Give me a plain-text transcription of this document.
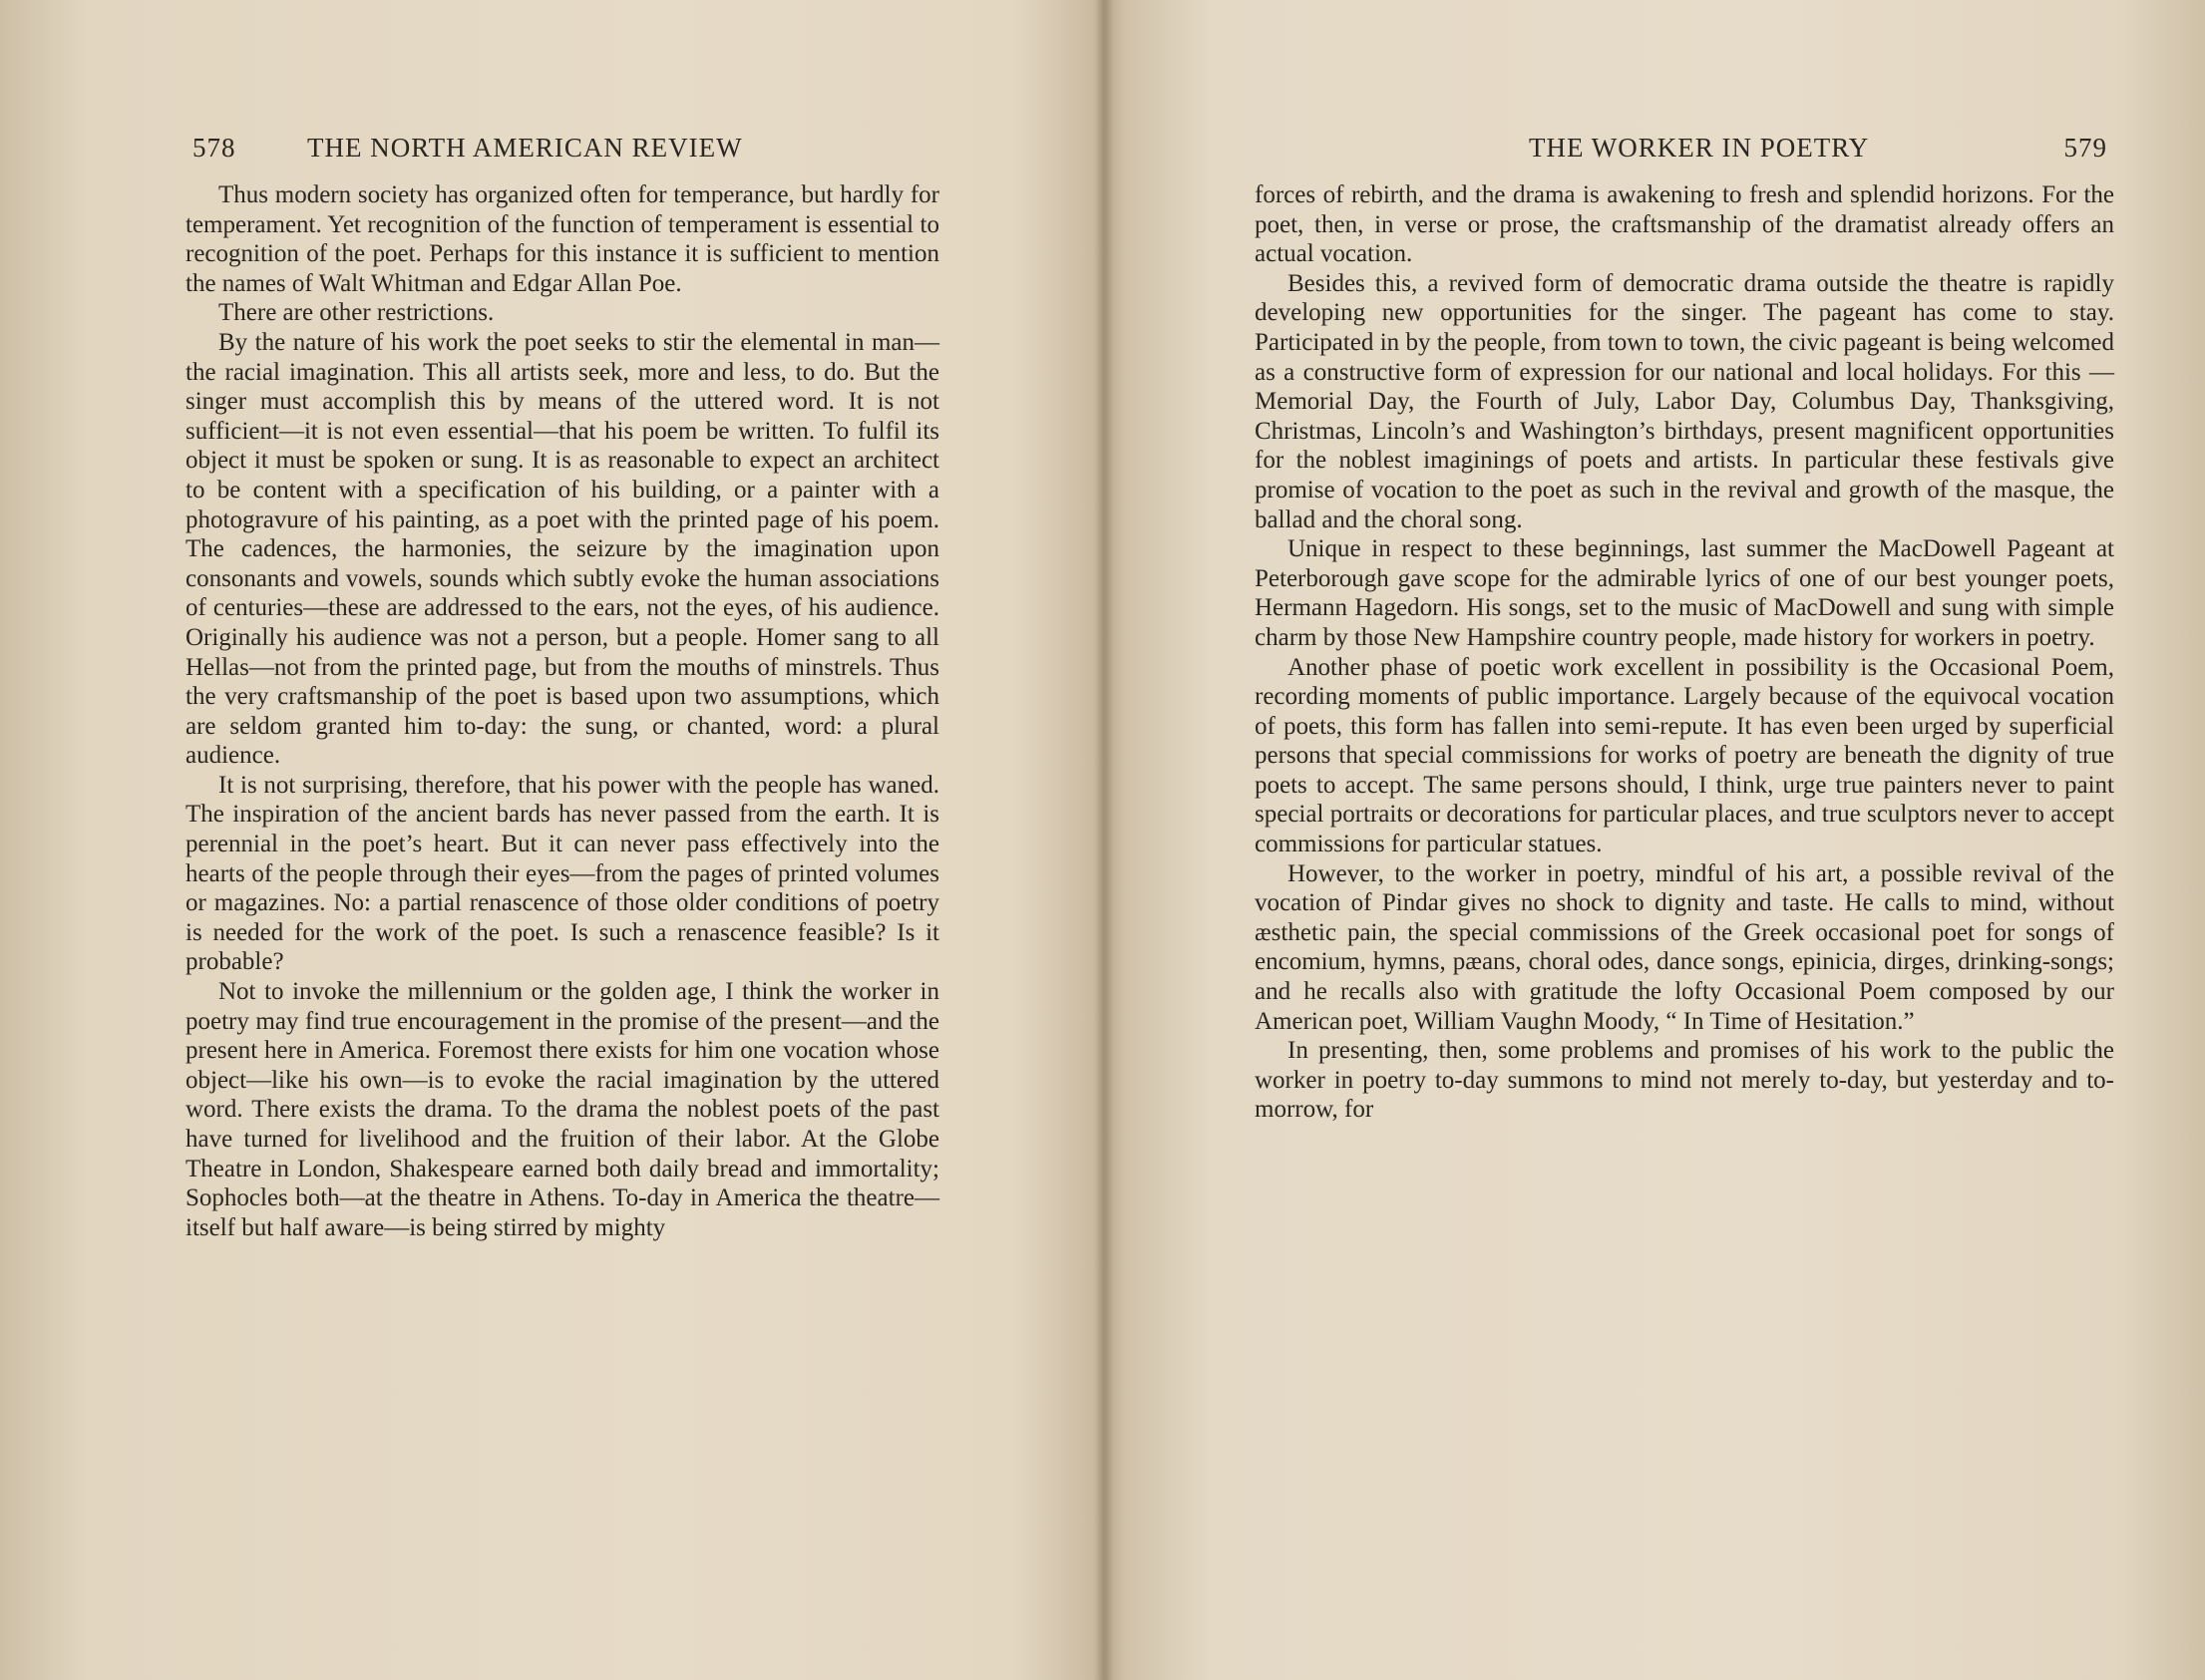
578	THE NORTH AMERICAN REVIEW

Thus modern society has organized often for temperance, but hardly for temperament. Yet recognition of the function of temperament is essential to recognition of the poet. Perhaps for this instance it is sufficient to mention the names of Walt Whitman and Edgar Allan Poe.

There are other restrictions.

By the nature of his work the poet seeks to stir the elemental in man—the racial imagination. This all artists seek, more and less, to do. But the singer must accomplish this by means of the uttered word. It is not sufficient—it is not even essential—that his poem be written. To fulfil its object it must be spoken or sung. It is as reasonable to expect an architect to be content with a specification of his building, or a painter with a photogravure of his painting, as a poet with the printed page of his poem. The cadences, the harmonies, the seizure by the imagination upon consonants and vowels, sounds which subtly evoke the human associations of centuries—these are addressed to the ears, not the eyes, of his audience. Originally his audience was not a person, but a people. Homer sang to all Hellas—not from the printed page, but from the mouths of minstrels. Thus the very craftsmanship of the poet is based upon two assumptions, which are seldom granted him to-day: the sung, or chanted, word: a plural audience.

It is not surprising, therefore, that his power with the people has waned. The inspiration of the ancient bards has never passed from the earth. It is perennial in the poet’s heart. But it can never pass effectively into the hearts of the people through their eyes—from the pages of printed volumes or magazines. No: a partial renascence of those older conditions of poetry is needed for the work of the poet. Is such a renascence feasible? Is it probable?

Not to invoke the millennium or the golden age, I think the worker in poetry may find true encouragement in the promise of the present—and the present here in America. Foremost there exists for him one vocation whose object—like his own—is to evoke the racial imagination by the uttered word. There exists the drama. To the drama the noblest poets of the past have turned for livelihood and the fruition of their labor. At the Globe Theatre in London, Shakespeare earned both daily bread and immortality; Sophocles both—at the theatre in Athens. To-day in America the theatre—itself but half aware—is being stirred by mighty

THE WORKER IN POETRY	579

forces of rebirth, and the drama is awakening to fresh and splendid horizons. For the poet, then, in verse or prose, the craftsmanship of the dramatist already offers an actual vocation.

Besides this, a revived form of democratic drama outside the theatre is rapidly developing new opportunities for the singer. The pageant has come to stay. Participated in by the people, from town to town, the civic pageant is being welcomed as a constructive form of expression for our national and local holidays. For this — Memorial Day, the Fourth of July, Labor Day, Columbus Day, Thanksgiving, Christmas, Lincoln’s and Washington’s birthdays, present magnificent opportunities for the noblest imaginings of poets and artists. In particular these festivals give promise of vocation to the poet as such in the revival and growth of the masque, the ballad and the choral song.

Unique in respect to these beginnings, last summer the MacDowell Pageant at Peterborough gave scope for the admirable lyrics of one of our best younger poets, Hermann Hagedorn. His songs, set to the music of MacDowell and sung with simple charm by those New Hampshire country people, made history for workers in poetry.

Another phase of poetic work excellent in possibility is the Occasional Poem, recording moments of public importance. Largely because of the equivocal vocation of poets, this form has fallen into semi-repute. It has even been urged by superficial persons that special commissions for works of poetry are beneath the dignity of true poets to accept. The same persons should, I think, urge true painters never to paint special portraits or decorations for particular places, and true sculptors never to accept commissions for particular statues.

However, to the worker in poetry, mindful of his art, a possible revival of the vocation of Pindar gives no shock to dignity and taste. He calls to mind, without æsthetic pain, the special commissions of the Greek occasional poet for songs of encomium, hymns, pæans, choral odes, dance songs, epinicia, dirges, drinking-songs; and he recalls also with gratitude the lofty Occasional Poem composed by our American poet, William Vaughn Moody, “ In Time of Hesitation.”

In presenting, then, some problems and promises of his work to the public the worker in poetry to-day summons to mind not merely to-day, but yesterday and to-morrow, for
